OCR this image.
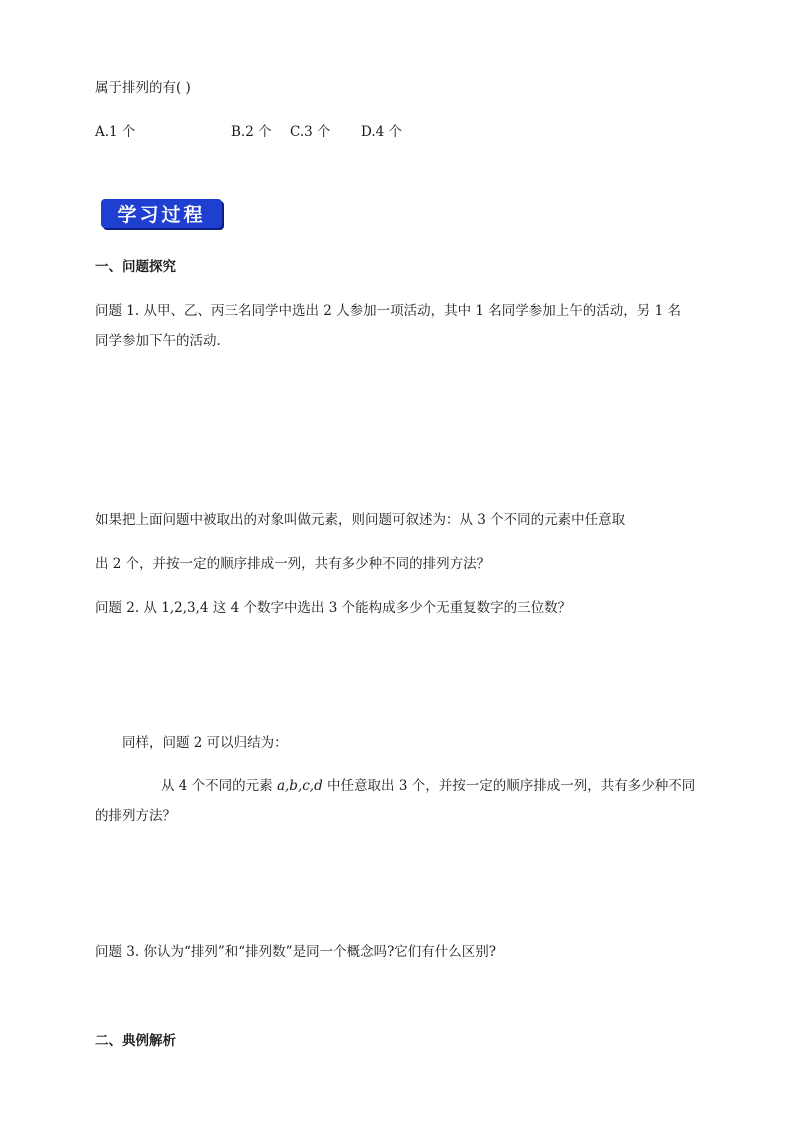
属于排列的有( )
A.1 个	B.2 个 C.3 个 D.4 个
学习过程
一、问题探究
问题 1. 从甲、乙、丙三名同学中选出 2 人参加一项活动，其中 1 名同学参加上午的活动，另 1 名
同学参加下午的活动.
如果把上面问题中被取出的对象叫做元素，则问题可叙述为：从 3 个不同的元素中任意取
出 2 个，并按一定的顺序排成一列，共有多少种不同的排列方法？
问题 2. 从 1,2,3,4 这 4 个数字中选出 3 个能构成多少个无重复数字的三位数？
同样，问题 2 可以归结为：
从 4 个不同的元素 a,b,c,d 中任意取出 3 个，并按一定的顺序排成一列，共有多少种不同
的排列方法？
问题 3. 你认为“排列”和“排列数”是同一个概念吗?它们有什么区别?
二、典例解析
